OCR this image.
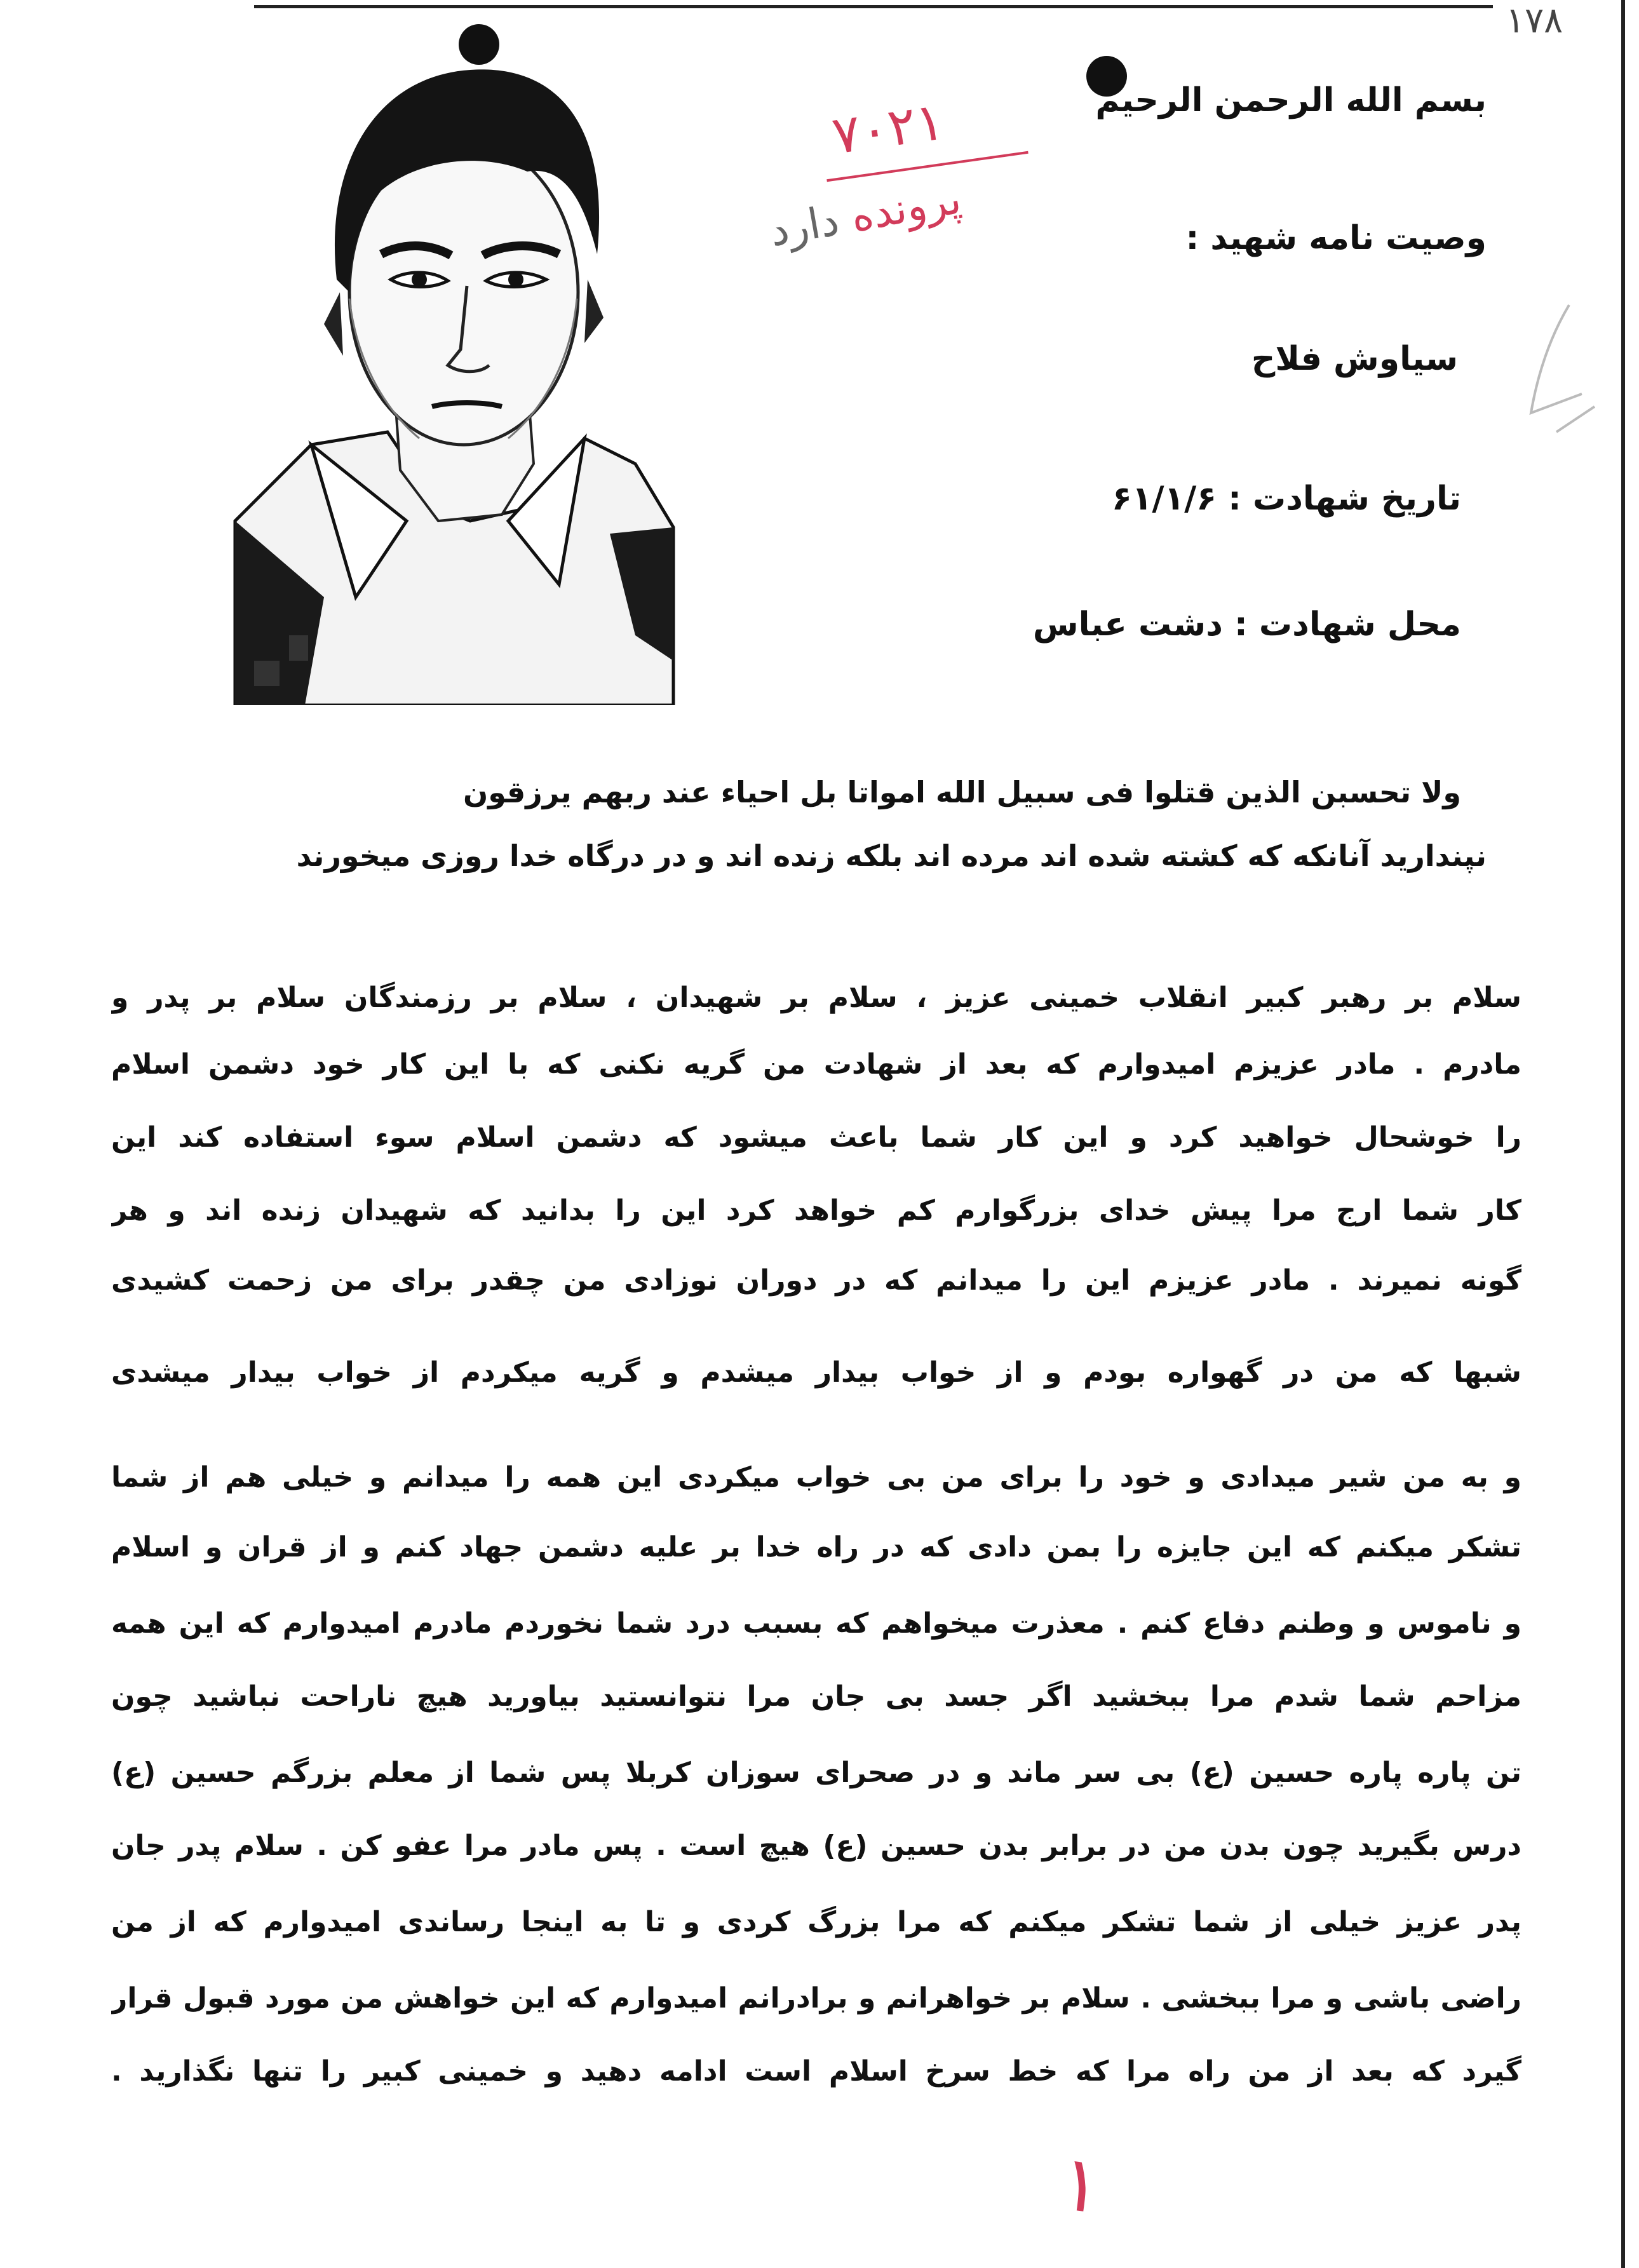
۱۷۸
۷۰۲۱
پرونده دارد
بسم الله الرحمن الرحیم
وصیت نامه شهید :
سیاوش فلاح
تاریخ شهادت : ۶۱/۱/۶
محل شهادت : دشت عباس
ولا تحسبن الذین قتلوا فی سبیل الله امواتا بل احیاء عند ربهم یرزقون
نپندارید آنانکه که کشته شده اند مرده اند بلکه زنده اند و در درگاه خدا روزی میخورند
سلام بر رهبر کبیر انقلاب خمینی عزیز ، سلام بر شهیدان ، سلام بر رزمندگان سلام بر پدر و
مادرم . مادر عزیزم امیدوارم که بعد از شهادت من گریه نکنی که با این کار خود دشمن اسلام
را خوشحال خواهید کرد و این کار شما باعث میشود که دشمن اسلام سوء استفاده کند این
کار شما ارج مرا پیش خدای بزرگوارم کم خواهد کرد این را بدانید که شهیدان زنده اند و هر
گونه نمیرند . مادر عزیزم این را میدانم که در دوران نوزادی من چقدر برای من زحمت کشیدی
شبها که من در گهواره بودم و از خواب بیدار میشدم و گریه میکردم از خواب بیدار میشدی
و به من شیر میدادی و خود را برای من بی خواب میکردی این همه را میدانم و خیلی هم از شما
تشکر میکنم که این جایزه را بمن دادی که در راه خدا بر علیه دشمن جهاد کنم و از قران و اسلام
و ناموس و وطنم دفاع کنم . معذرت میخواهم که بسبب درد شما نخوردم مادرم امیدوارم که این همه
مزاحم شما شدم مرا ببخشید اگر جسد بی جان مرا نتوانستید بیاورید هیچ ناراحت نباشید چون
تن پاره پاره حسین (ع) بی سر ماند و در صحرای سوزان کربلا پس شما از معلم بزرگم حسین (ع)
درس بگیرید چون بدن من در برابر بدن حسین (ع) هیچ است . پس مادر مرا عفو کن . سلام پدر جان
پدر عزیز خیلی از شما تشکر میکنم که مرا بزرگ کردی و تا به اینجا رساندی امیدوارم که از من
راضی باشی و مرا ببخشی . سلام بر خواهرانم و برادرانم امیدوارم که این خواهش من مورد قبول قرار
گیرد که بعد از من راه مرا که خط سرخ اسلام است ادامه دهید و خمینی کبیر را تنها نگذارید .
۱
